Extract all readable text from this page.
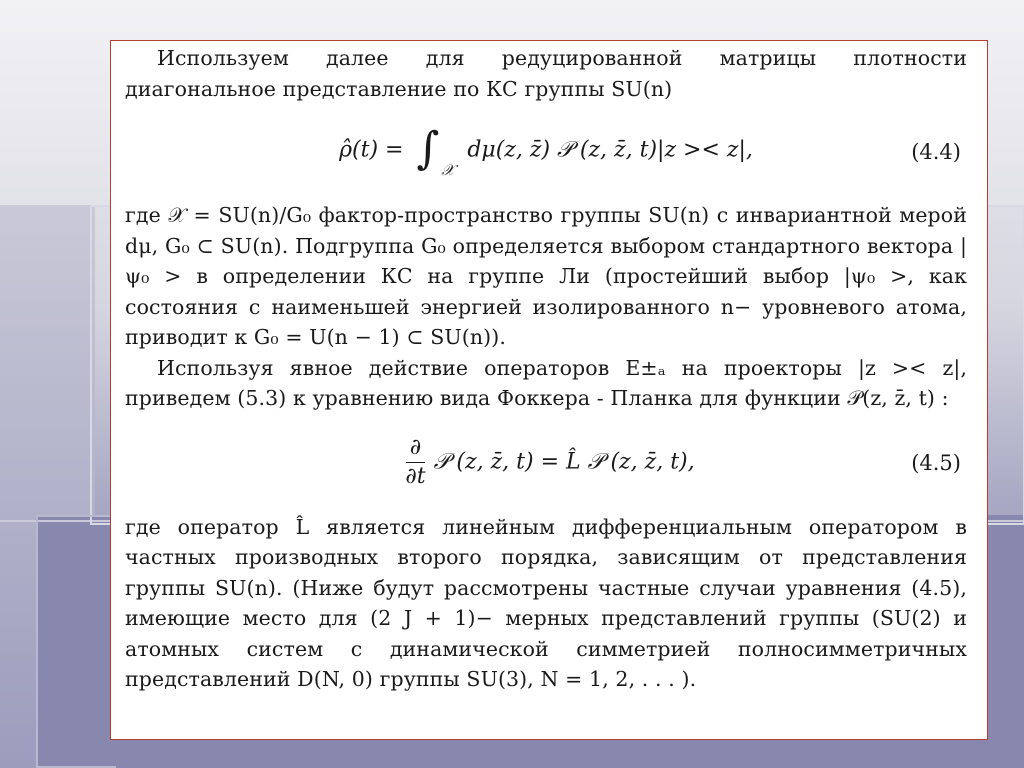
Используем далее для редуцированной матрицы плотности диагональное представление по КС группы SU(n)

ρ̂(t) = ∫ $_𝒳$ dμ(z, z̄) 𝒫 (z, z̄, t)|z >< z|,	(4.4)

где 𝒳 = SU(n)/G₀ фактор-пространство группы SU(n) с инвариантной мерой dμ, G₀ ⊂ SU(n). Подгруппа G₀ определяется выбором стандартного вектора |ψ₀ > в определении КС на группе Ли (простейший выбор |ψ₀ >, как состояния с наименьшей энергией изолированного n− уровневого атома, приводит к G₀ = U(n − 1) ⊂ SU(n)).

Используя явное действие операторов E±ₐ на проекторы |z >< z|, приведем (5.3) к уравнению вида Фоккера - Планка для функции 𝒫(z, z̄, t) :

$\frac{\partial}{\partial t}$ 𝒫 (z, z̄, t) = L̂ 𝒫 (z, z̄, t),	(4.5)

где оператор L̂ является линейным дифференциальным оператором в частных производных второго порядка, зависящим от представления группы SU(n). (Ниже будут рассмотрены частные случаи уравнения (4.5), имеющие место для (2 J + 1)− мерных представлений группы (SU(2) и атомных систем с динамической симметрией полносимметричных представлений D(N, 0) группы SU(3), N = 1, 2, . . . ).
